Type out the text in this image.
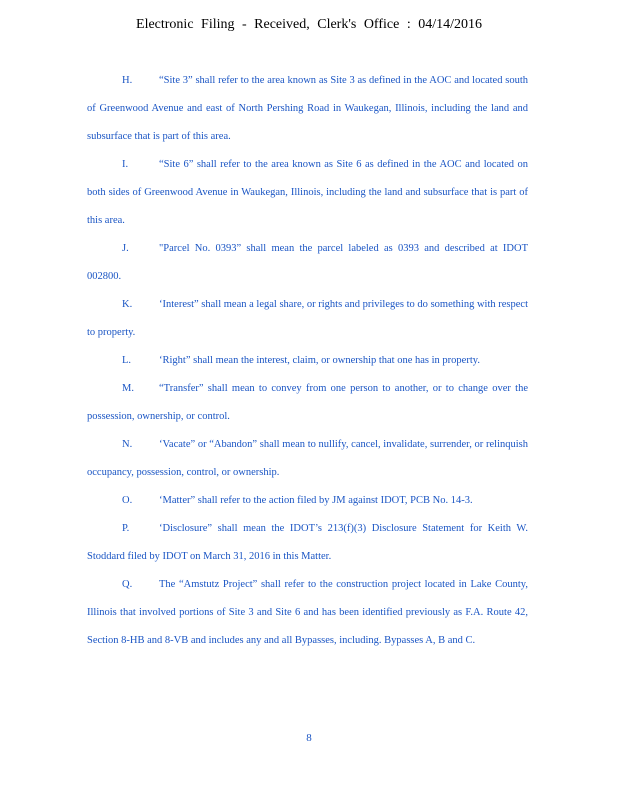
Electronic Filing - Received, Clerk's Office : 04/14/2016

H.	“Site 3” shall refer to the area known as Site 3 as defined in the AOC and located south of Greenwood Avenue and east of North Pershing Road in Waukegan, Illinois, including the land and subsurface that is part of this area.

I.	“Site 6” shall refer to the area known as Site 6 as defined in the AOC and located on both sides of Greenwood Avenue in Waukegan, Illinois, including the land and subsurface that is part of this area.

J.	"Parcel No. 0393” shall mean the parcel labeled as 0393 and described at IDOT 002800.

K.	‘Interest” shall mean a legal share, or rights and privileges to do something with respect to property.

L.	‘Right” shall mean the interest, claim, or ownership that one has in property.

M. “Transfer” shall mean to convey from one person to another, or to change over the possession, ownership, or control.

N.	‘Vacate” or “Abandon” shall mean to nullify, cancel, invalidate, surrender, or relinquish occupancy, possession, control, or ownership.

O.	‘Matter” shall refer to the action filed by JM against IDOT, PCB No. 14-3.

P.	‘Disclosure” shall mean the IDOT’s 213(f)(3) Disclosure Statement for Keith W. Stoddard filed by IDOT on March 31, 2016 in this Matter.

Q.	The “Amstutz Project” shall refer to the construction project located in Lake County, Illinois that involved portions of Site 3 and Site 6 and has been identified previously as F.A. Route 42, Section 8-HB and 8-VB and includes any and all Bypasses, including. Bypasses A, B and C.

8
